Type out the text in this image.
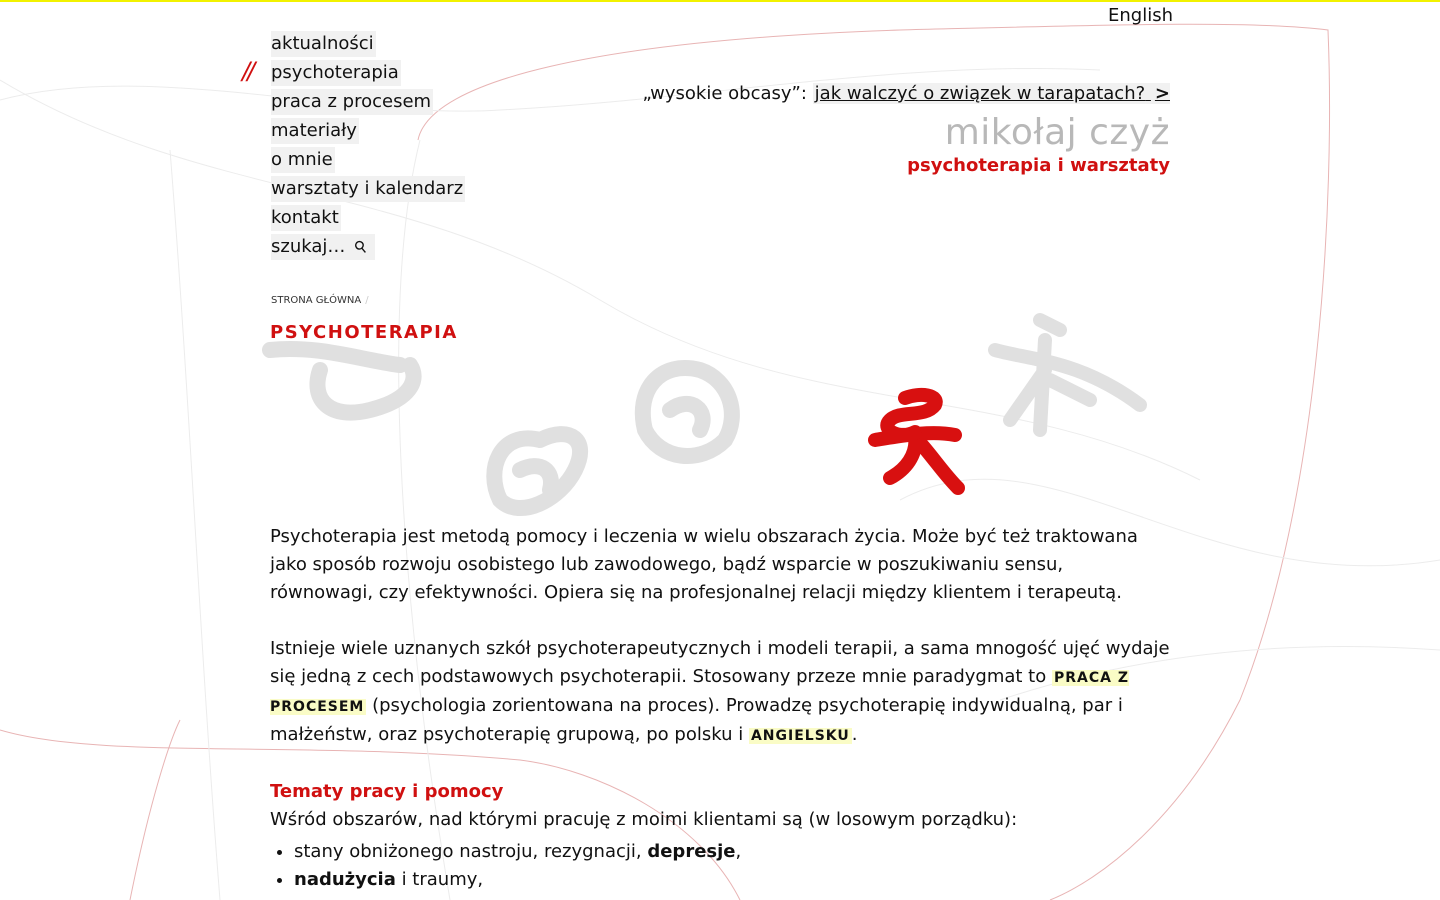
English
//
aktualności
psychoterapia
praca z procesem
materiały
o mnie
warsztaty i kalendarz
kontakt
szukaj… ⚲
„wysokie obcasy”: jak walczyć o związek w tarapatach? >
mikołaj czyż
psychoterapia i warsztaty
STRONA GŁÓWNA /
PSYCHOTERAPIA

Psychoterapia jest metodą pomocy i leczenia w wielu obszarach życia. Może być też traktowana jako sposób rozwoju osobistego lub zawodowego, bądź wsparcie w poszukiwaniu sensu, równowagi, czy efektywności. Opiera się na profesjonalnej relacji między klientem i terapeutą.

Istnieje wiele uznanych szkół psychoterapeutycznych i modeli terapii, a sama mnogość ujęć wydaje się jedną z cech podstawowych psychoterapii. Stosowany przeze mnie paradygmat to PRACA Z PROCESEM (psychologia zorientowana na proces). Prowadzę psychoterapię indywidualną, par i małżeństw, oraz psychoterapię grupową, po polsku i ANGIELSKU .

Tematy pracy i pomocy
Wśród obszarów, nad którymi pracuję z moimi klientami są (w losowym porządku):
• stany obniżonego nastroju, rezygnacji, depresje,
• nadużycia i traumy,
